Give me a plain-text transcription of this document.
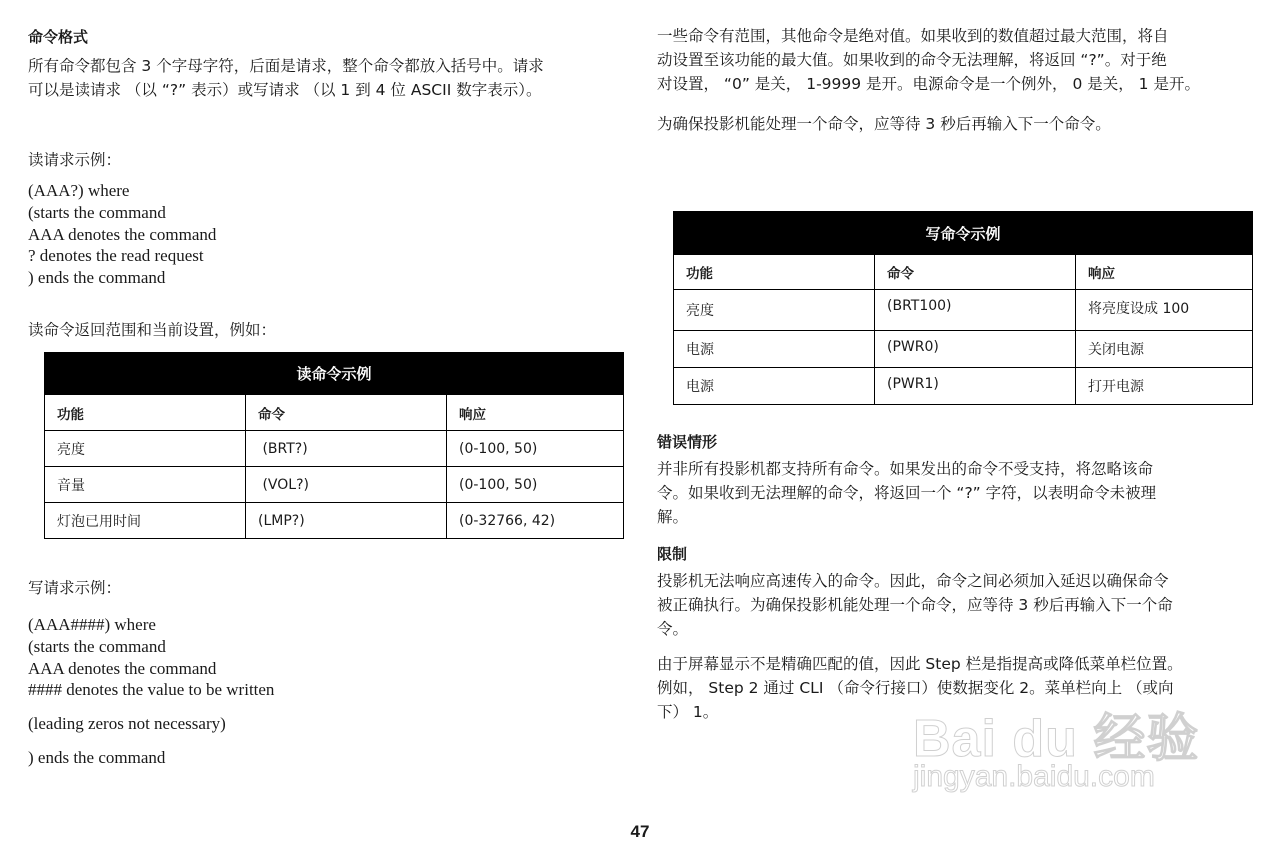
命令格式
所有命令都包含 3 个字母字符，后面是请求，整个命令都放入括号中。请求
可以是读请求 （以 “?” 表示）或写请求 （以 1 到 4 位 ASCII 数字表示）。
读请求示例：
(AAA?) where
(starts the command
AAA denotes the command
? denotes the read request
) ends the command
读命令返回范围和当前设置，例如：
读命令示例		
功能	命令	响应
亮度	(BRT?)	(0-100, 50)
音量	(VOL?)	(0-100, 50)
灯泡已用时间	(LMP?)	(0-32766, 42)
写请求示例：
(AAA####) where
(starts the command
AAA denotes the command
#### denotes the value to be written
(leading zeros not necessary)
) ends the command
一些命令有范围，其他命令是绝对值。如果收到的数值超过最大范围，将自
动设置至该功能的最大值。如果收到的命令无法理解，将返回 “?”。对于绝
对设置， “0” 是关， 1-9999 是开。电源命令是一个例外， 0 是关， 1 是开。
为确保投影机能处理一个命令，应等待 3 秒后再输入下一个命令。
写命令示例		
功能	命令	响应
亮度	(BRT100)	将亮度设成 100
电源	(PWR0)	关闭电源
电源	(PWR1)	打开电源
错误情形
并非所有投影机都支持所有命令。如果发出的命令不受支持，将忽略该命
令。如果收到无法理解的命令，将返回一个 “?” 字符，以表明命令未被理
解。
限制
投影机无法响应高速传入的命令。因此，命令之间必须加入延迟以确保命令
被正确执行。为确保投影机能处理一个命令，应等待 3 秒后再输入下一个命
令。
由于屏幕显示不是精确匹配的值，因此 Step 栏是指提高或降低菜单栏位置。
例如， Step 2 通过 CLI （命令行接口）使数据变化 2。菜单栏向上 （或向
下） 1。	Bai du 经验
jingyan.baidu.com
47
